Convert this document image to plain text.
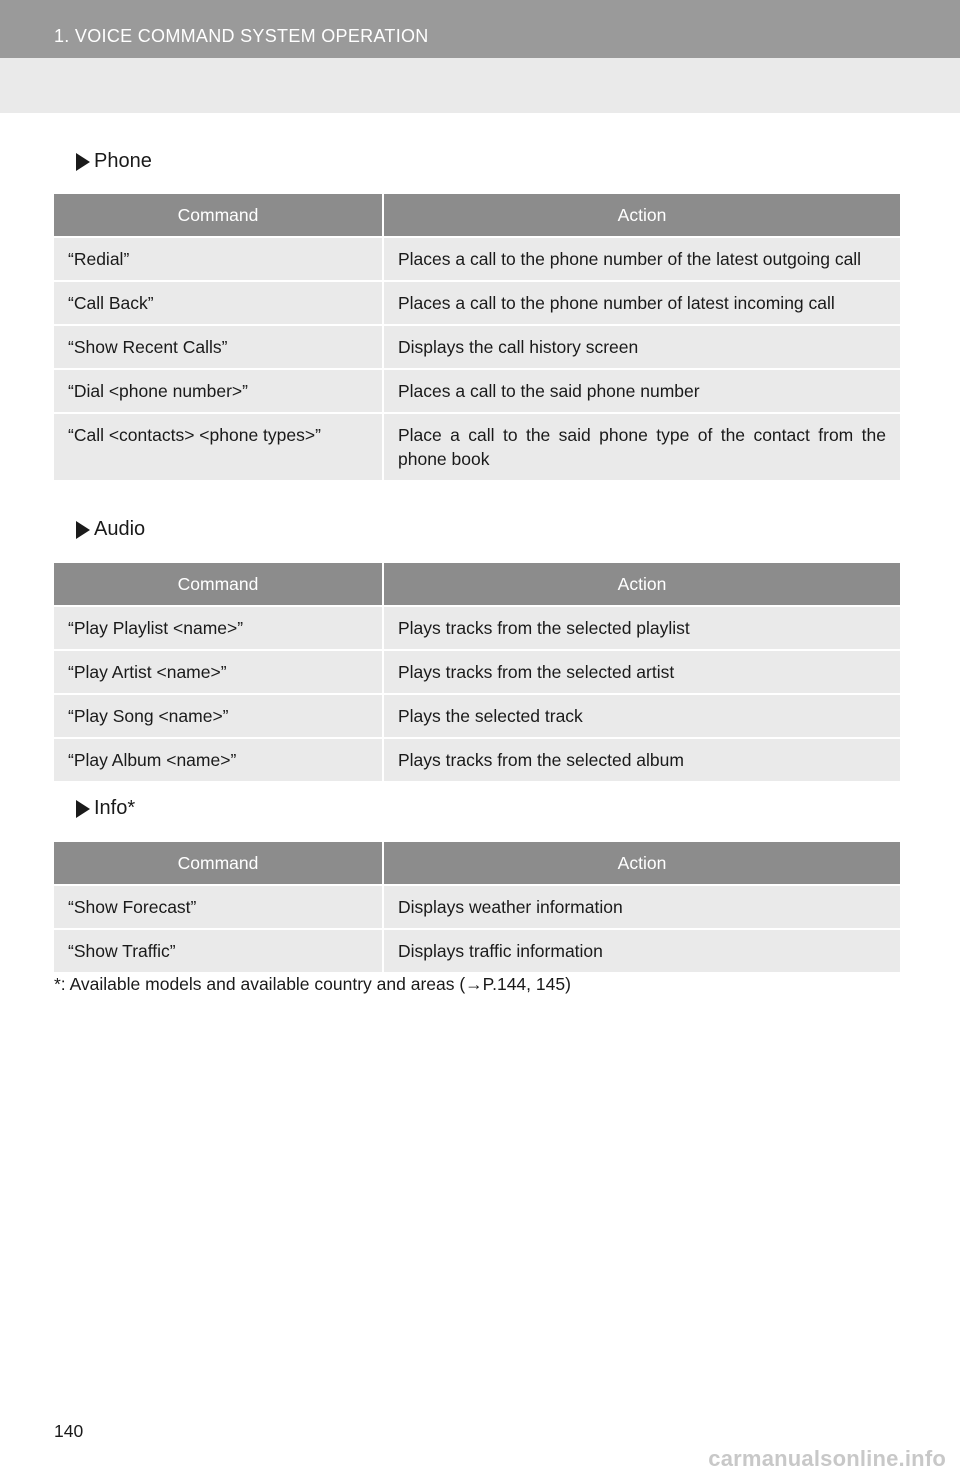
1. VOICE COMMAND SYSTEM OPERATION
Phone
Command	Action
“Redial”	Places a call to the phone number of the latest outgoing call
“Call Back”	Places a call to the phone number of latest incoming call
“Show Recent Calls”	Displays the call history screen
“Dial <phone number>”	Places a call to the said phone number
“Call <contacts> <phone types>”	Place a call to the said phone type of the contact from the phone book
Audio
Command	Action
“Play Playlist <name>”	Plays tracks from the selected playlist
“Play Artist <name>”	Plays tracks from the selected artist
“Play Song <name>”	Plays the selected track
“Play Album <name>”	Plays tracks from the selected album
Info*
Command	Action
“Show Forecast”	Displays weather information
“Show Traffic”	Displays traffic information
*: Available models and available country and areas (→P.144, 145)
140
carmanualsonline.info
